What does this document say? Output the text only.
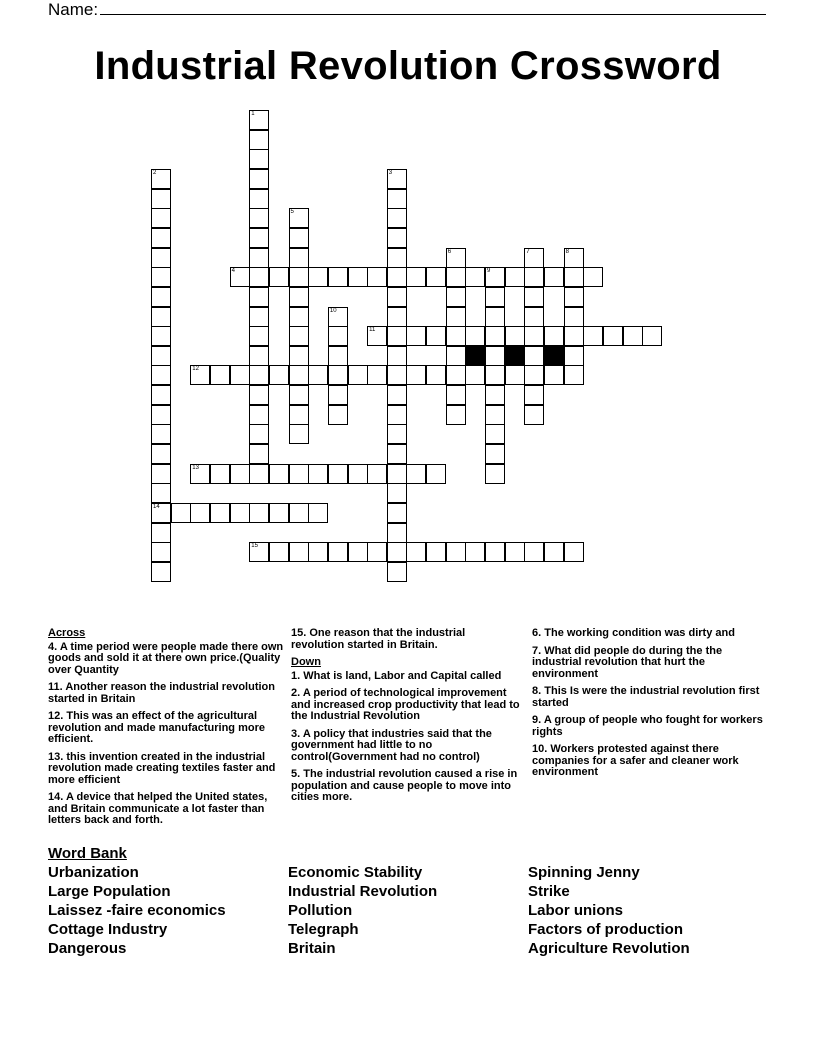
Name:
Industrial Revolution Crossword
1
2
14
3
4	9
5
6	7	8
10
11
12
13
15
Across
4. A time period were people made there own goods and sold it at there own price.(Quality over Quantity
11. Another reason the industrial revolution started in Britain
12. This was an effect of the agricultural revolution and made manufacturing more efficient.
13. this invention created in the industrial revolution made creating textiles faster and more efficient
14. A device that helped the United states, and Britain communicate a lot faster than letters back and forth.
15. One reason that the industrial revolution started in Britain.
Down
1. What is land, Labor and Capital called
2. A period of technological improvement and increased crop productivity that lead to the Industrial Revolution
3. A policy that industries said that the government had little to no control(Government had no control)
5. The industrial revolution caused a rise in population and cause people to move into cities more.
6. The working condition was dirty and
7. What did people do during the the industrial revolution that hurt the environment
8. This Is were the industrial revolution first started
9. A group of people who fought for workers rights
10. Workers protested against there companies for a safer and cleaner work environment
Word Bank
Urbanization
Large Population
Laissez -faire economics
Cottage Industry
Dangerous
Economic Stability
Industrial Revolution
Pollution
Telegraph
Britain
Spinning Jenny
Strike
Labor unions
Factors of production
Agriculture Revolution
